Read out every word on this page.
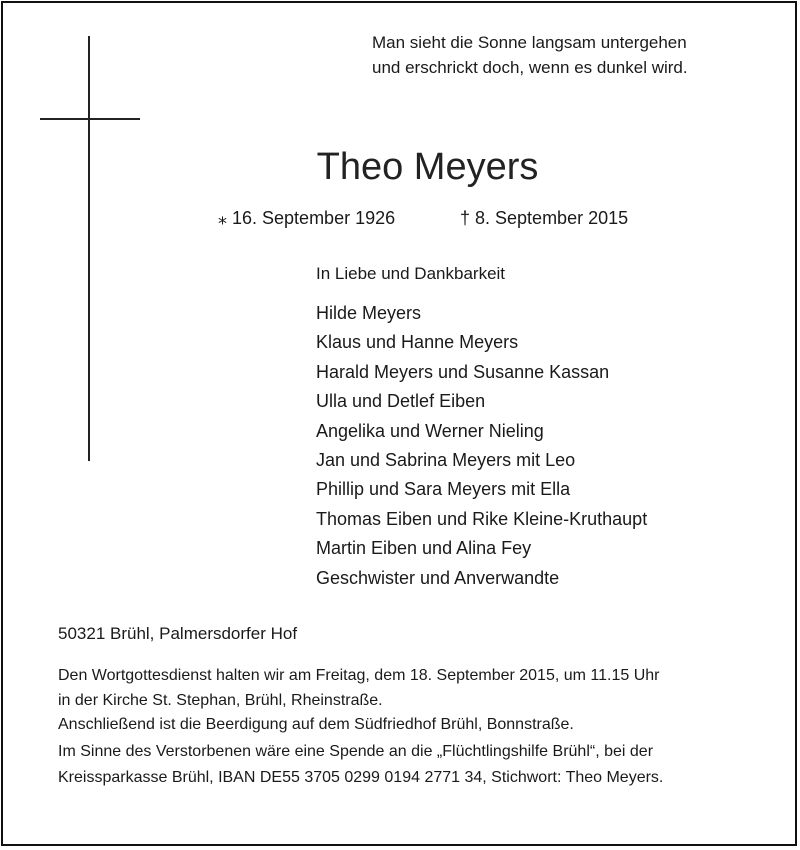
Man sieht die Sonne langsam untergehen
und erschrickt doch, wenn es dunkel wird.
Theo Meyers
⁎ 16. September 1926	† 8. September 2015
In Liebe und Dankbarkeit
Hilde Meyers
Klaus und Hanne Meyers
Harald Meyers und Susanne Kassan
Ulla und Detlef Eiben
Angelika und Werner Nieling
Jan und Sabrina Meyers mit Leo
Phillip und Sara Meyers mit Ella
Thomas Eiben und Rike Kleine-Kruthaupt
Martin Eiben und Alina Fey
Geschwister und Anverwandte
50321 Brühl, Palmersdorfer Hof
Den Wortgottesdienst halten wir am Freitag, dem 18. September 2015, um 11.15 Uhr
in der Kirche St. Stephan, Brühl, Rheinstraße.
Anschließend ist die Beerdigung auf dem Südfriedhof Brühl, Bonnstraße.
Im Sinne des Verstorbenen wäre eine Spende an die „Flüchtlingshilfe Brühl“, bei der
Kreissparkasse Brühl, IBAN DE55 3705 0299 0194 2771 34, Stichwort: Theo Meyers.
